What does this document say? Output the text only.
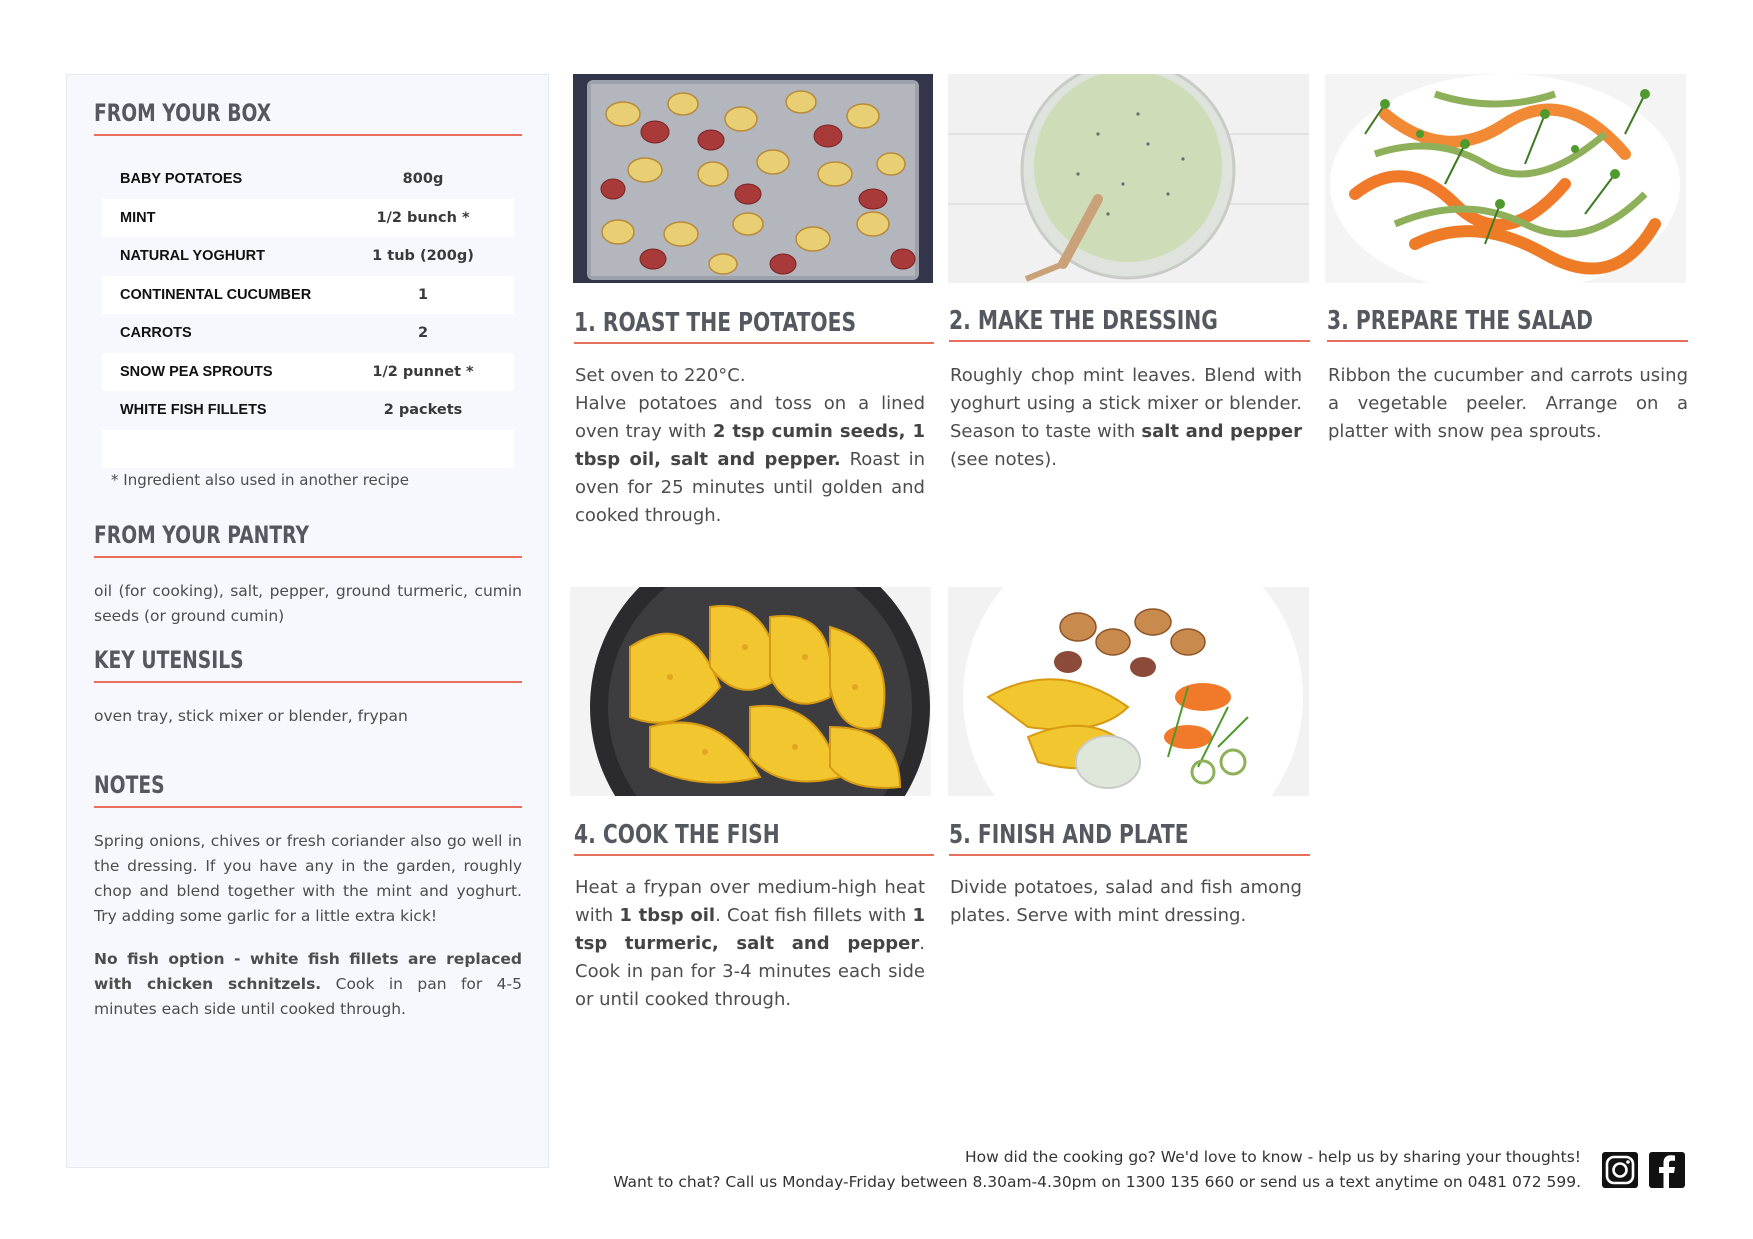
FROM YOUR BOX
BABY POTATOES	800g
MINT	1/2 bunch *
NATURAL YOGHURT	1 tub (200g)
CONTINENTAL CUCUMBER	1
CARROTS	2
SNOW PEA SPROUTS	1/2 punnet *
WHITE FISH FILLETS	2 packets
* Ingredient also used in another recipe
FROM YOUR PANTRY
oil (for cooking), salt, pepper, ground turmeric, cumin seeds (or ground cumin)
KEY UTENSILS
oven tray, stick mixer or blender, frypan
NOTES
Spring onions, chives or fresh coriander also go well in the dressing. If you have any in the garden, roughly chop and blend together with the mint and yoghurt. Try adding some garlic for a little extra kick!
No fish option - white fish fillets are replaced with chicken schnitzels. Cook in pan for 4-5 minutes each side until cooked through.
1. ROAST THE POTATOES
Set oven to 220°C.
Halve potatoes and toss on a lined oven tray with 2 tsp cumin seeds, 1 tbsp oil, salt and pepper. Roast in oven for 25 minutes until golden and cooked through.
2. MAKE THE DRESSING
Roughly chop mint leaves. Blend with yoghurt using a stick mixer or blender. Season to taste with salt and pepper (see notes).
3. PREPARE THE SALAD
Ribbon the cucumber and carrots using a vegetable peeler. Arrange on a platter with snow pea sprouts.
4. COOK THE FISH
Heat a frypan over medium-high heat with 1 tbsp oil. Coat fish fillets with 1 tsp turmeric, salt and pepper. Cook in pan for 3-4 minutes each side or until cooked through.
5. FINISH AND PLATE
Divide potatoes, salad and fish among plates. Serve with mint dressing.
How did the cooking go? We'd love to know - help us by sharing your thoughts!
Want to chat? Call us Monday-Friday between 8.30am-4.30pm on 1300 135 660 or send us a text anytime on 0481 072 599.
